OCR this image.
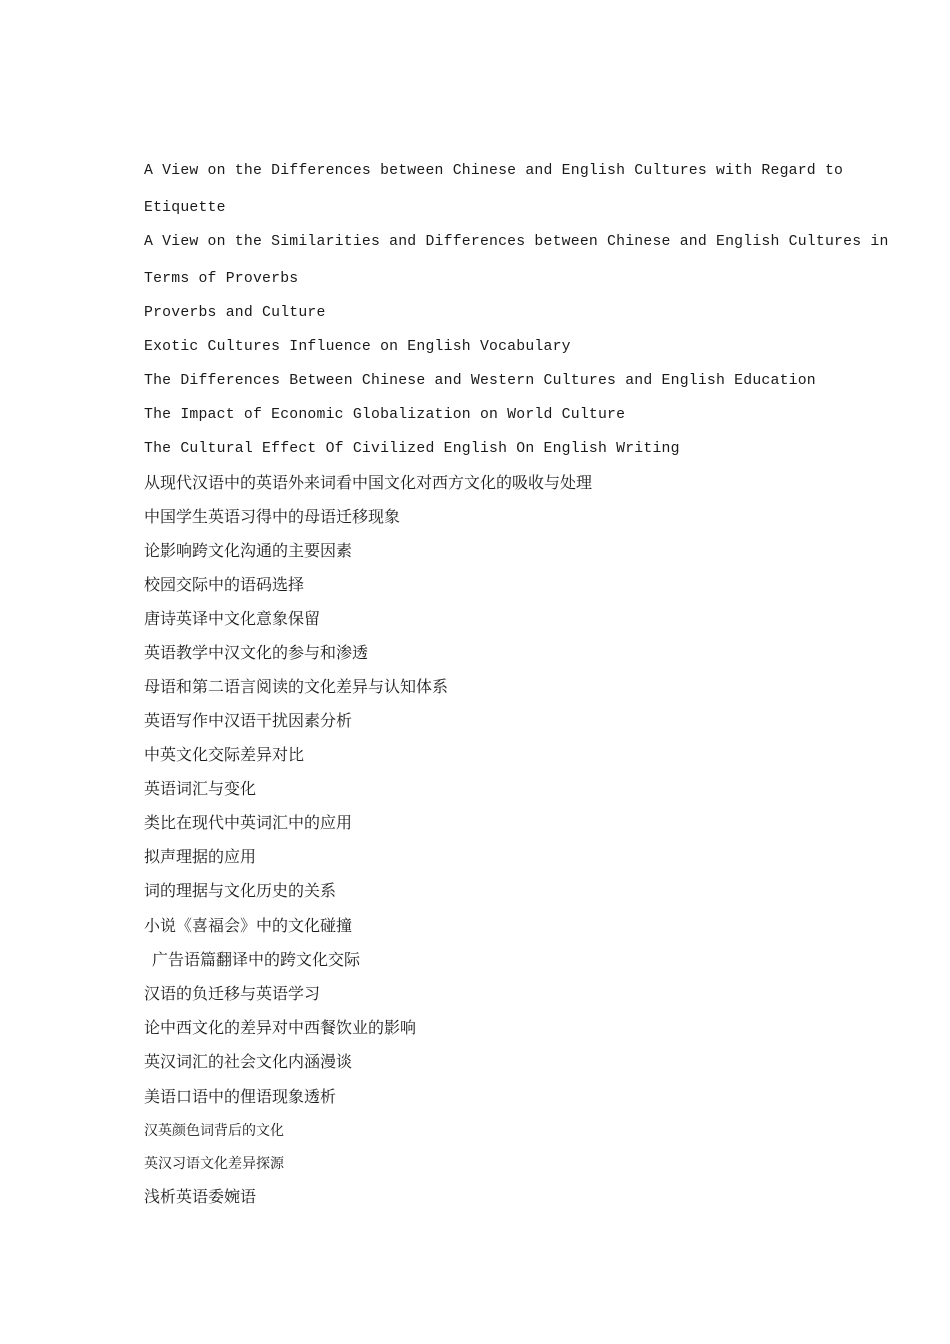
A View on the Differences between Chinese and English Cultures with Regard to

Etiquette

A View on the Similarities and Differences between Chinese and English Cultures in

Terms of Proverbs

Proverbs and Culture

Exotic Cultures Influence on English Vocabulary

The Differences Between Chinese and Western Cultures and English Education

The Impact of Economic Globalization on World Culture

The Cultural Effect Of Civilized English On English Writing

从现代汉语中的英语外来词看中国文化对西方文化的吸收与处理

中国学生英语习得中的母语迁移现象

论影响跨文化沟通的主要因素

校园交际中的语码选择

唐诗英译中文化意象保留

英语教学中汉文化的参与和渗透

母语和第二语言阅读的文化差异与认知体系

英语写作中汉语干扰因素分析

中英文化交际差异对比

英语词汇与变化

类比在现代中英词汇中的应用

拟声理据的应用

词的理据与文化历史的关系

小说《喜福会》中的文化碰撞

广告语篇翻译中的跨文化交际

汉语的负迁移与英语学习

论中西文化的差异对中西餐饮业的影响

英汉词汇的社会文化内涵漫谈

美语口语中的俚语现象透析

汉英颜色词背后的文化

英汉习语文化差异探源

浅析英语委婉语
